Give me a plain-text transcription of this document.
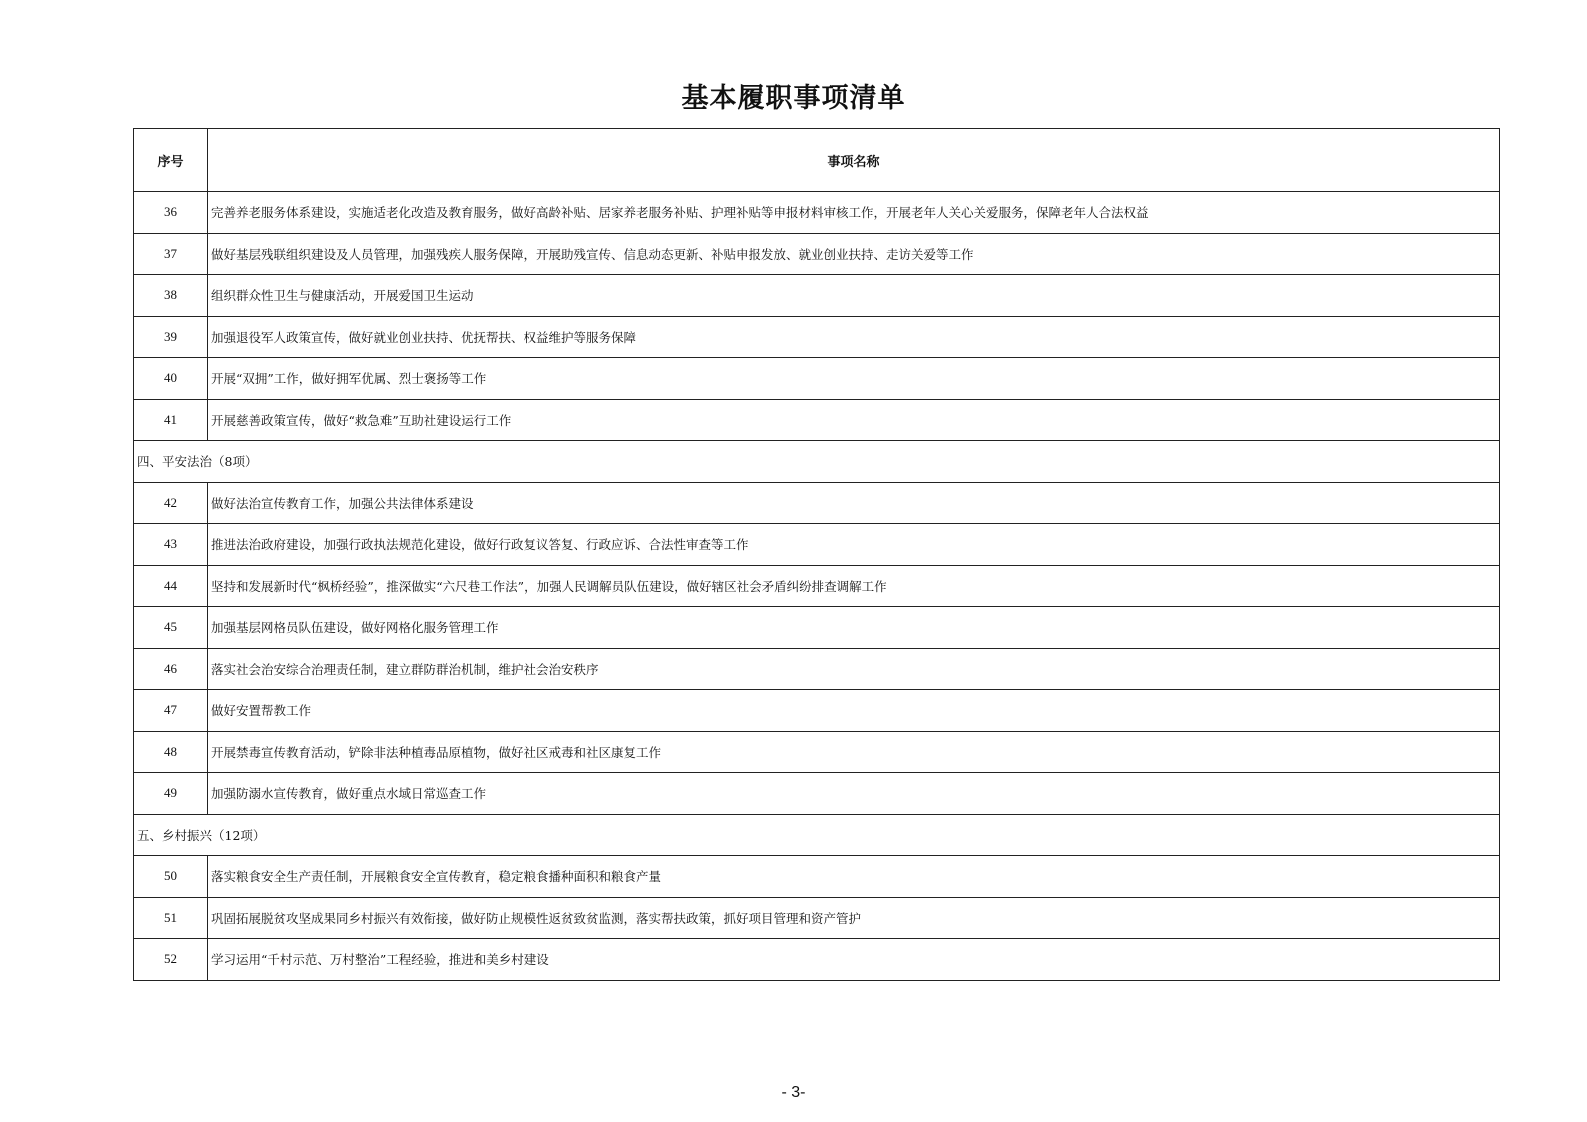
基本履职事项清单
序号	事项名称
36	完善养老服务体系建设，实施适老化改造及教育服务，做好高龄补贴、居家养老服务补贴、护理补贴等申报材料审核工作，开展老年人关心关爱服务，保障老年人合法权益
37	做好基层残联组织建设及人员管理，加强残疾人服务保障，开展助残宣传、信息动态更新、补贴申报发放、就业创业扶持、走访关爱等工作
38	组织群众性卫生与健康活动，开展爱国卫生运动
39	加强退役军人政策宣传，做好就业创业扶持、优抚帮扶、权益维护等服务保障
40	开展“双拥”工作，做好拥军优属、烈士褒扬等工作
41	开展慈善政策宣传，做好“救急难”互助社建设运行工作
四、平安法治（8项）	
42	做好法治宣传教育工作，加强公共法律体系建设
43	推进法治政府建设，加强行政执法规范化建设，做好行政复议答复、行政应诉、合法性审查等工作
44	坚持和发展新时代“枫桥经验”，推深做实“六尺巷工作法”，加强人民调解员队伍建设，做好辖区社会矛盾纠纷排查调解工作
45	加强基层网格员队伍建设，做好网格化服务管理工作
46	落实社会治安综合治理责任制，建立群防群治机制，维护社会治安秩序
47	做好安置帮教工作
48	开展禁毒宣传教育活动，铲除非法种植毒品原植物，做好社区戒毒和社区康复工作
49	加强防溺水宣传教育，做好重点水域日常巡查工作
五、乡村振兴（12项）	
50	落实粮食安全生产责任制，开展粮食安全宣传教育，稳定粮食播种面积和粮食产量
51	巩固拓展脱贫攻坚成果同乡村振兴有效衔接，做好防止规模性返贫致贫监测，落实帮扶政策，抓好项目管理和资产管护
52	学习运用“千村示范、万村整治”工程经验，推进和美乡村建设
- 3-
